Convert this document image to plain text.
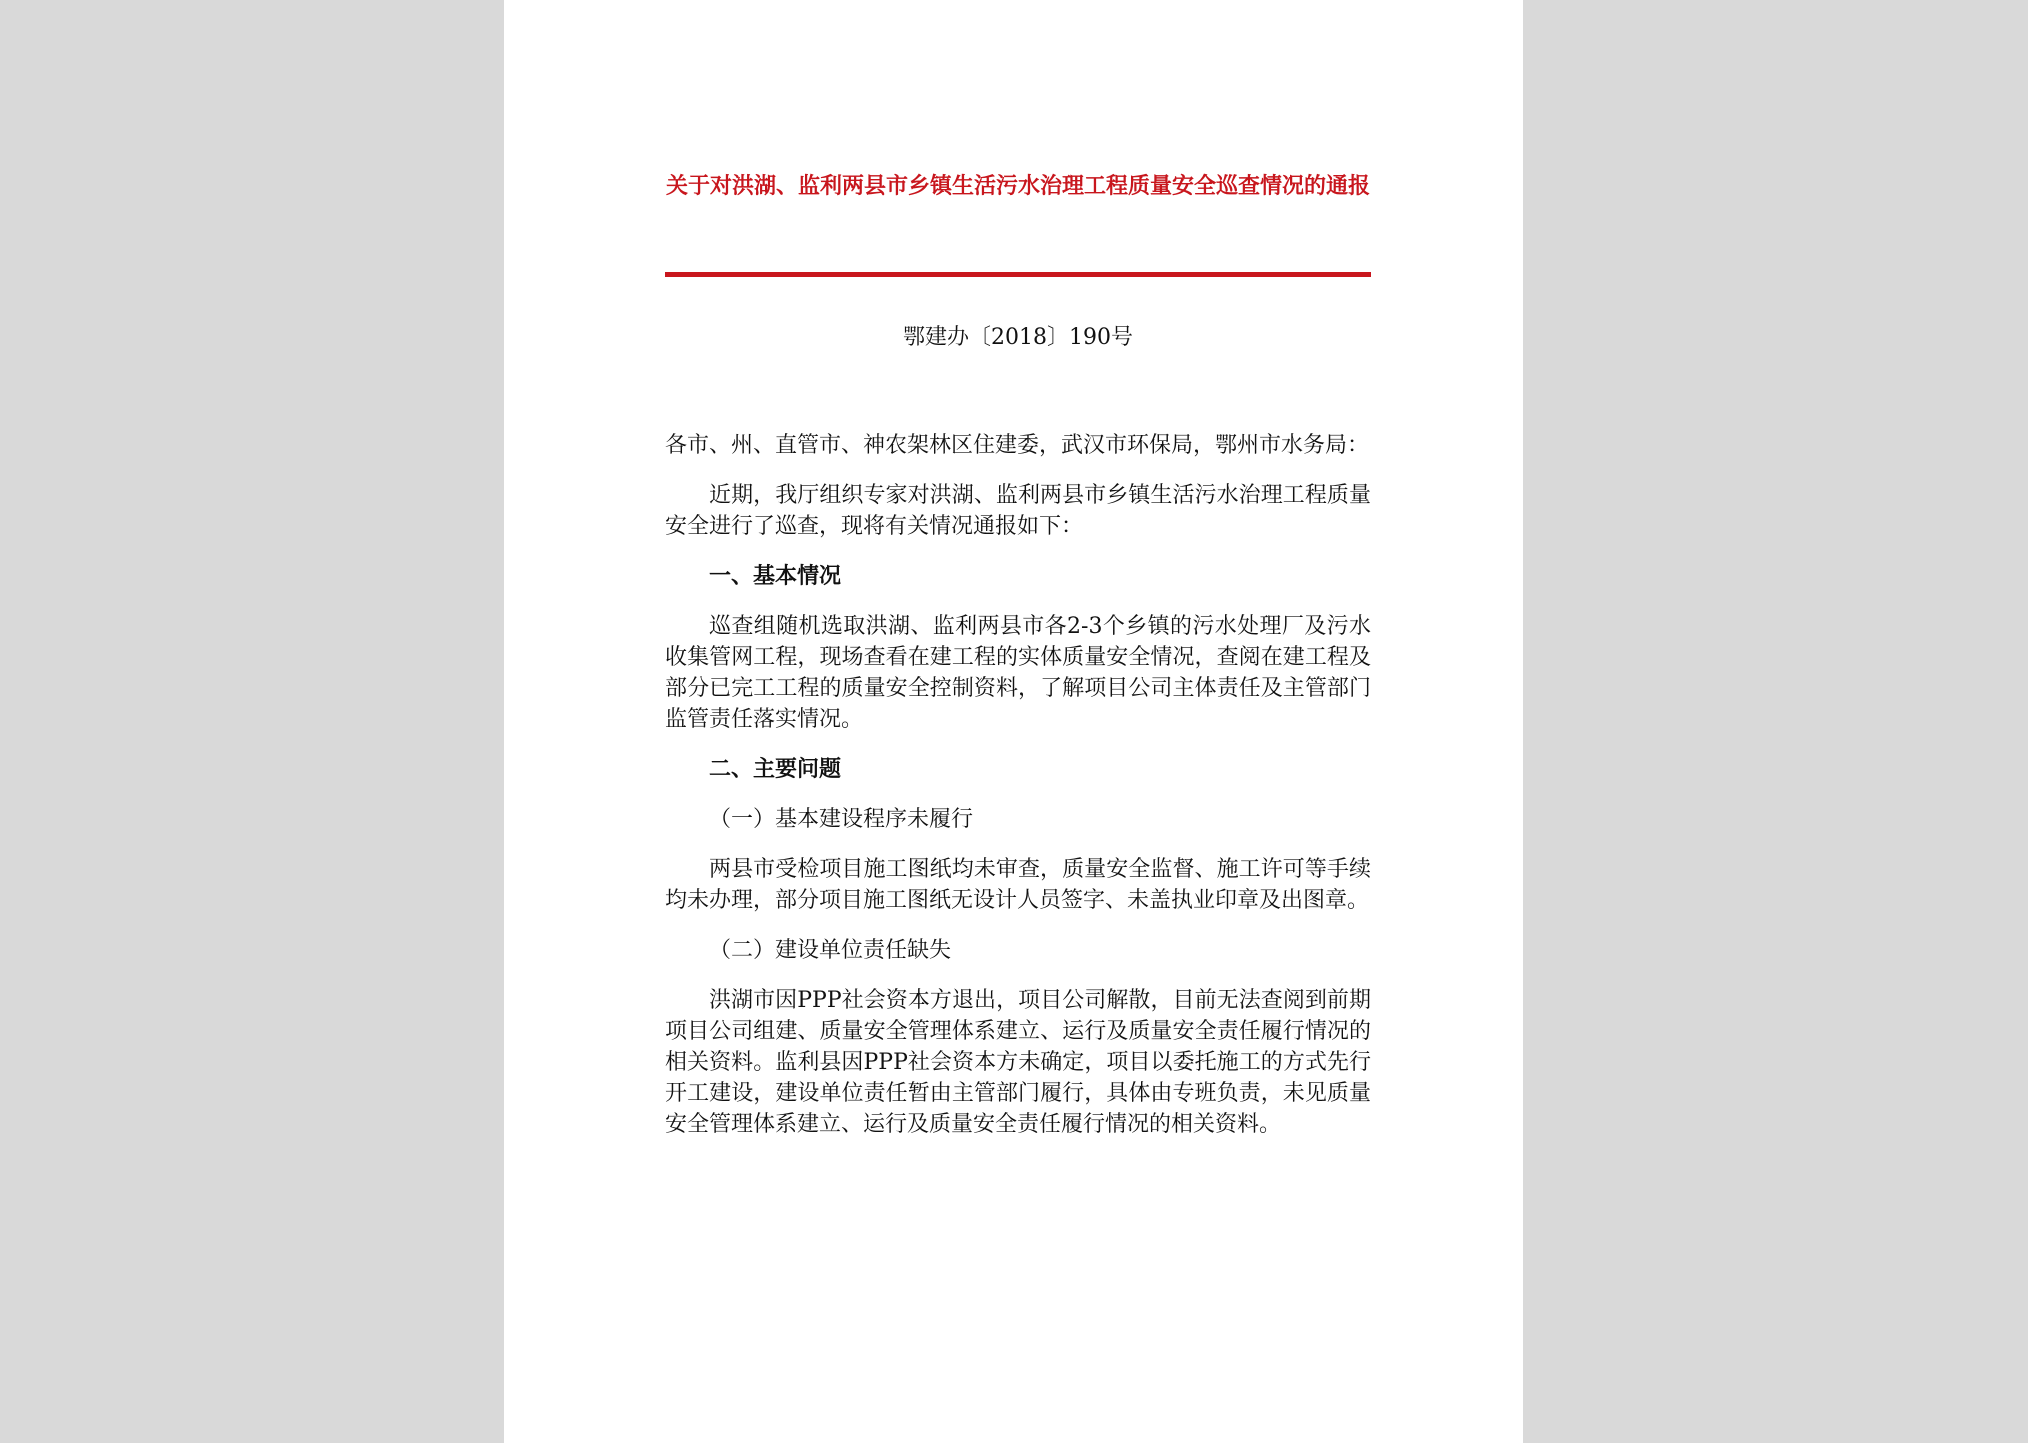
关于对洪湖、监利两县市乡镇生活污水治理工程质量安全巡查情况的通报
鄂建办〔2018〕190号

各市、州、直管市、神农架林区住建委，武汉市环保局，鄂州市水务局：

近期，我厅组织专家对洪湖、监利两县市乡镇生活污水治理工程质量安全进行了巡查，现将有关情况通报如下：

一、基本情况

巡查组随机选取洪湖、监利两县市各2-3个乡镇的污水处理厂及污水收集管网工程，现场查看在建工程的实体质量安全情况，查阅在建工程及部分已完工工程的质量安全控制资料，了解项目公司主体责任及主管部门监管责任落实情况。

二、主要问题

（一）基本建设程序未履行

两县市受检项目施工图纸均未审查，质量安全监督、施工许可等手续均未办理，部分项目施工图纸无设计人员签字、未盖执业印章及出图章。

（二）建设单位责任缺失

洪湖市因PPP社会资本方退出，项目公司解散，目前无法查阅到前期项目公司组建、质量安全管理体系建立、运行及质量安全责任履行情况的相关资料。监利县因PPP社会资本方未确定，项目以委托施工的方式先行开工建设，建设单位责任暂由主管部门履行，具体由专班负责，未见质量安全管理体系建立、运行及质量安全责任履行情况的相关资料。
